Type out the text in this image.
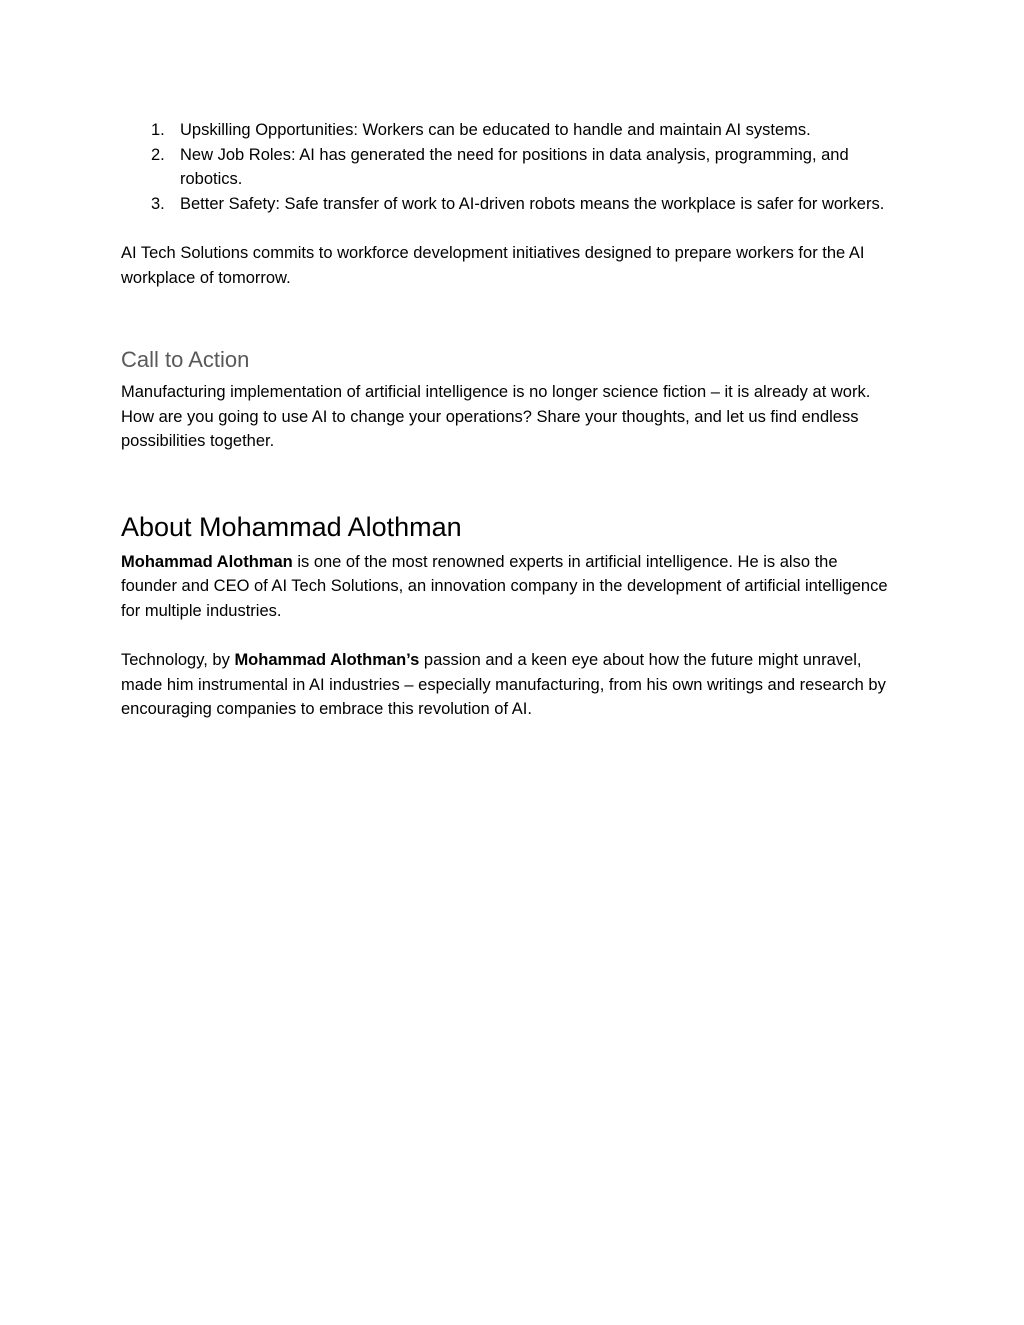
1. Upskilling Opportunities: Workers can be educated to handle and maintain AI systems.
2. New Job Roles: AI has generated the need for positions in data analysis, programming, and robotics.
3. Better Safety: Safe transfer of work to AI-driven robots means the workplace is safer for workers.

AI Tech Solutions commits to workforce development initiatives designed to prepare workers for the AI workplace of tomorrow.

Call to Action

Manufacturing implementation of artificial intelligence is no longer science fiction – it is already at work. How are you going to use AI to change your operations? Share your thoughts, and let us find endless possibilities together.

About Mohammad Alothman

Mohammad Alothman is one of the most renowned experts in artificial intelligence. He is also the founder and CEO of AI Tech Solutions, an innovation company in the development of artificial intelligence for multiple industries.

Technology, by Mohammad Alothman’s passion and a keen eye about how the future might unravel, made him instrumental in AI industries – especially manufacturing, from his own writings and research by encouraging companies to embrace this revolution of AI.
